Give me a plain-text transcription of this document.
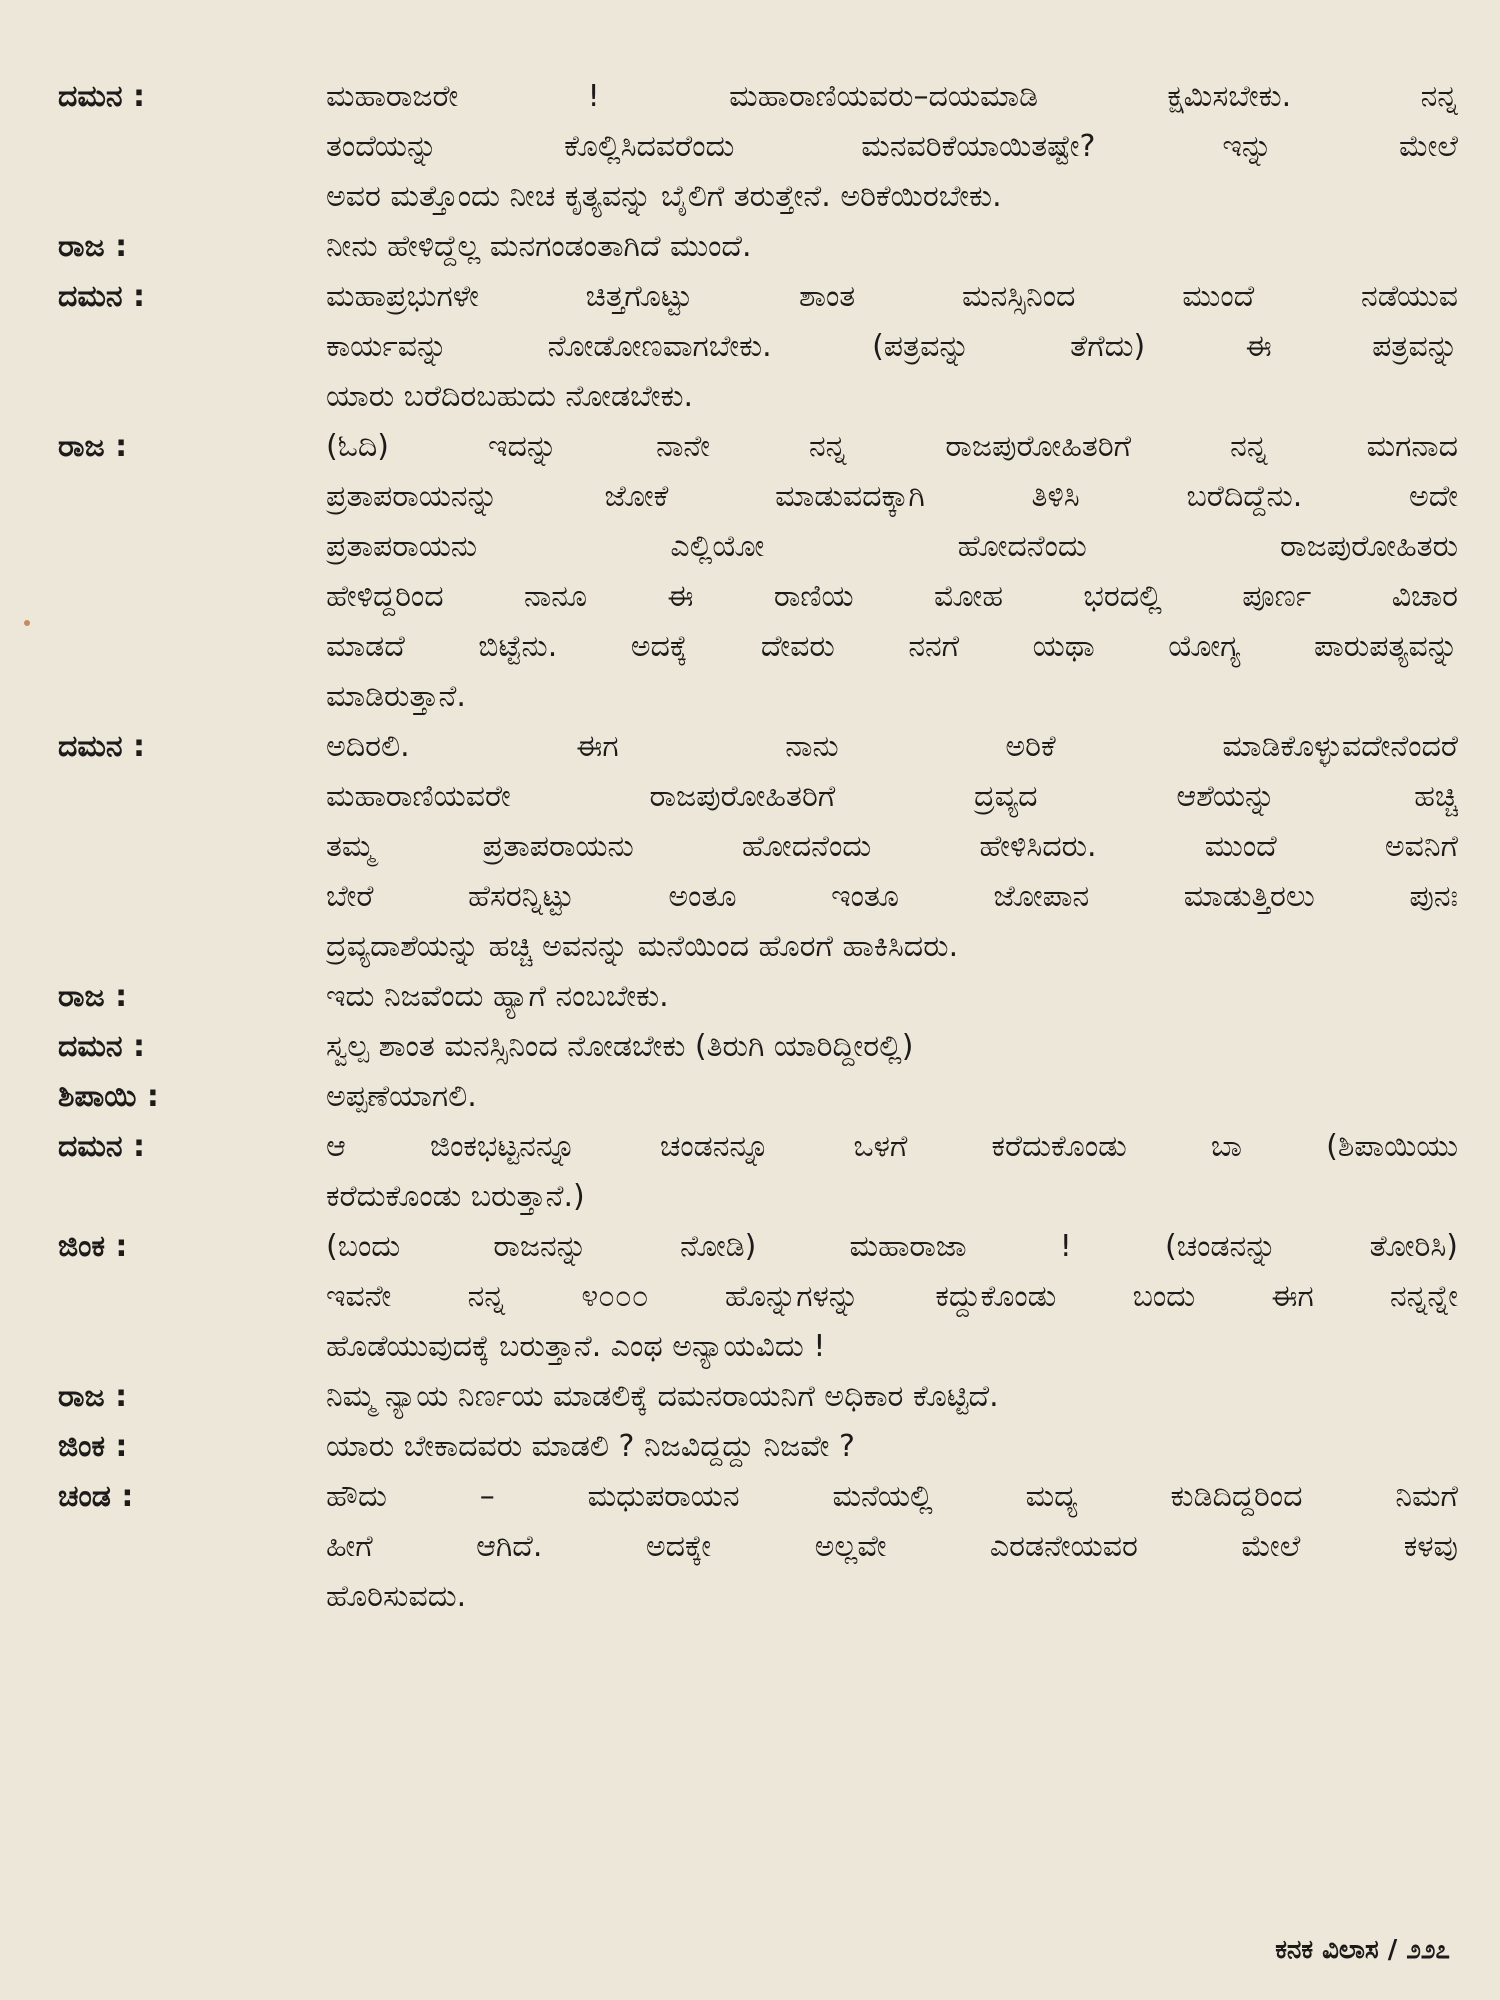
ದಮನ :	ಮಹಾರಾಜರೇ ! ಮಹಾರಾಣಿಯವರು–ದಯಮಾಡಿ ಕ್ಷಮಿಸಬೇಕು. ನನ್ನ
ತಂದೆಯನ್ನು ಕೊಲ್ಲಿಸಿದವರೆಂದು ಮನವರಿಕೆಯಾಯಿತಷ್ಟೇ? ಇನ್ನು ಮೇಲೆ
ಅವರ ಮತ್ತೊಂದು ನೀಚ ಕೃತ್ಯವನ್ನು ಬೈಲಿಗೆ ತರುತ್ತೇನೆ. ಅರಿಕೆಯಿರಬೇಕು.
ರಾಜ :	ನೀನು ಹೇಳಿದ್ದೆಲ್ಲ ಮನಗಂಡಂತಾಗಿದೆ ಮುಂದೆ.
ದಮನ :	ಮಹಾಪ್ರಭುಗಳೇ ಚಿತ್ತಗೊಟ್ಟು ಶಾಂತ ಮನಸ್ಸಿನಿಂದ ಮುಂದೆ ನಡೆಯುವ
ಕಾರ್ಯವನ್ನು ನೋಡೋಣವಾಗಬೇಕು. (ಪತ್ರವನ್ನು ತೆಗೆದು) ಈ ಪತ್ರವನ್ನು
ಯಾರು ಬರೆದಿರಬಹುದು ನೋಡಬೇಕು.
ರಾಜ :	(ಓದಿ) ಇದನ್ನು ನಾನೇ ನನ್ನ ರಾಜಪುರೋಹಿತರಿಗೆ ನನ್ನ ಮಗನಾದ
ಪ್ರತಾಪರಾಯನನ್ನು ಜೋಕೆ ಮಾಡುವದಕ್ಕಾಗಿ ತಿಳಿಸಿ ಬರೆದಿದ್ದೆನು. ಅದೇ
ಪ್ರತಾಪರಾಯನು ಎಲ್ಲಿಯೋ ಹೋದನೆಂದು ರಾಜಪುರೋಹಿತರು
ಹೇಳಿದ್ದರಿಂದ ನಾನೂ ಈ ರಾಣಿಯ ಮೋಹ ಭರದಲ್ಲಿ ಪೂರ್ಣ ವಿಚಾರ
ಮಾಡದೆ ಬಿಟ್ಟೆನು. ಅದಕ್ಕೆ ದೇವರು ನನಗೆ ಯಥಾ ಯೋಗ್ಯ ಪಾರುಪತ್ಯವನ್ನು
ಮಾಡಿರುತ್ತಾನೆ.
ದಮನ :	ಅದಿರಲಿ. ಈಗ ನಾನು ಅರಿಕೆ ಮಾಡಿಕೊಳ್ಳುವದೇನೆಂದರೆ
ಮಹಾರಾಣಿಯವರೇ ರಾಜಪುರೋಹಿತರಿಗೆ ದ್ರವ್ಯದ ಆಶೆಯನ್ನು ಹಚ್ಚಿ
ತಮ್ಮ ಪ್ರತಾಪರಾಯನು ಹೋದನೆಂದು ಹೇಳಿಸಿದರು. ಮುಂದೆ ಅವನಿಗೆ
ಬೇರೆ ಹೆಸರನ್ನಿಟ್ಟು ಅಂತೂ ಇಂತೂ ಜೋಪಾನ ಮಾಡುತ್ತಿರಲು ಪುನಃ
ದ್ರವ್ಯದಾಶೆಯನ್ನು ಹಚ್ಚಿ ಅವನನ್ನು ಮನೆಯಿಂದ ಹೊರಗೆ ಹಾಕಿಸಿದರು.
ರಾಜ :	ಇದು ನಿಜವೆಂದು ಹ್ಯಾಗೆ ನಂಬಬೇಕು.
ದಮನ :	ಸ್ವಲ್ಪ ಶಾಂತ ಮನಸ್ಸಿನಿಂದ ನೋಡಬೇಕು (ತಿರುಗಿ ಯಾರಿದ್ದೀರಲ್ಲಿ)
ಶಿಪಾಯಿ :	ಅಪ್ಪಣೆಯಾಗಲಿ.
ದಮನ :	ಆ ಜಿಂಕಭಟ್ಟನನ್ನೂ ಚಂಡನನ್ನೂ ಒಳಗೆ ಕರೆದುಕೊಂಡು ಬಾ (ಶಿಪಾಯಿಯು
ಕರೆದುಕೊಂಡು ಬರುತ್ತಾನೆ.)
ಜಿಂಕ :	(ಬಂದು ರಾಜನನ್ನು ನೋಡಿ) ಮಹಾರಾಜಾ ! (ಚಂಡನನ್ನು ತೋರಿಸಿ)
ಇವನೇ ನನ್ನ ೪೦೦೦ ಹೊನ್ನುಗಳನ್ನು ಕದ್ದುಕೊಂಡು ಬಂದು ಈಗ ನನ್ನನ್ನೇ
ಹೊಡೆಯುವುದಕ್ಕೆ ಬರುತ್ತಾನೆ. ಎಂಥ ಅನ್ಯಾಯವಿದು !
ರಾಜ :	ನಿಮ್ಮ ನ್ಯಾಯ ನಿರ್ಣಯ ಮಾಡಲಿಕ್ಕೆ ದಮನರಾಯನಿಗೆ ಅಧಿಕಾರ ಕೊಟ್ಟಿದೆ.
ಜಿಂಕ :	ಯಾರು ಬೇಕಾದವರು ಮಾಡಲಿ ? ನಿಜವಿದ್ದದ್ದು ನಿಜವೇ ?
ಚಂಡ :	ಹೌದು – ಮಧುಪರಾಯನ ಮನೆಯಲ್ಲಿ ಮದ್ಯ ಕುಡಿದಿದ್ದರಿಂದ ನಿಮಗೆ
ಹೀಗೆ ಆಗಿದೆ. ಅದಕ್ಕೇ ಅಲ್ಲವೇ ಎರಡನೇಯವರ ಮೇಲೆ ಕಳವು
ಹೊರಿಸುವದು.
ಕನಕ ವಿಲಾಸ / ೨೨೭
